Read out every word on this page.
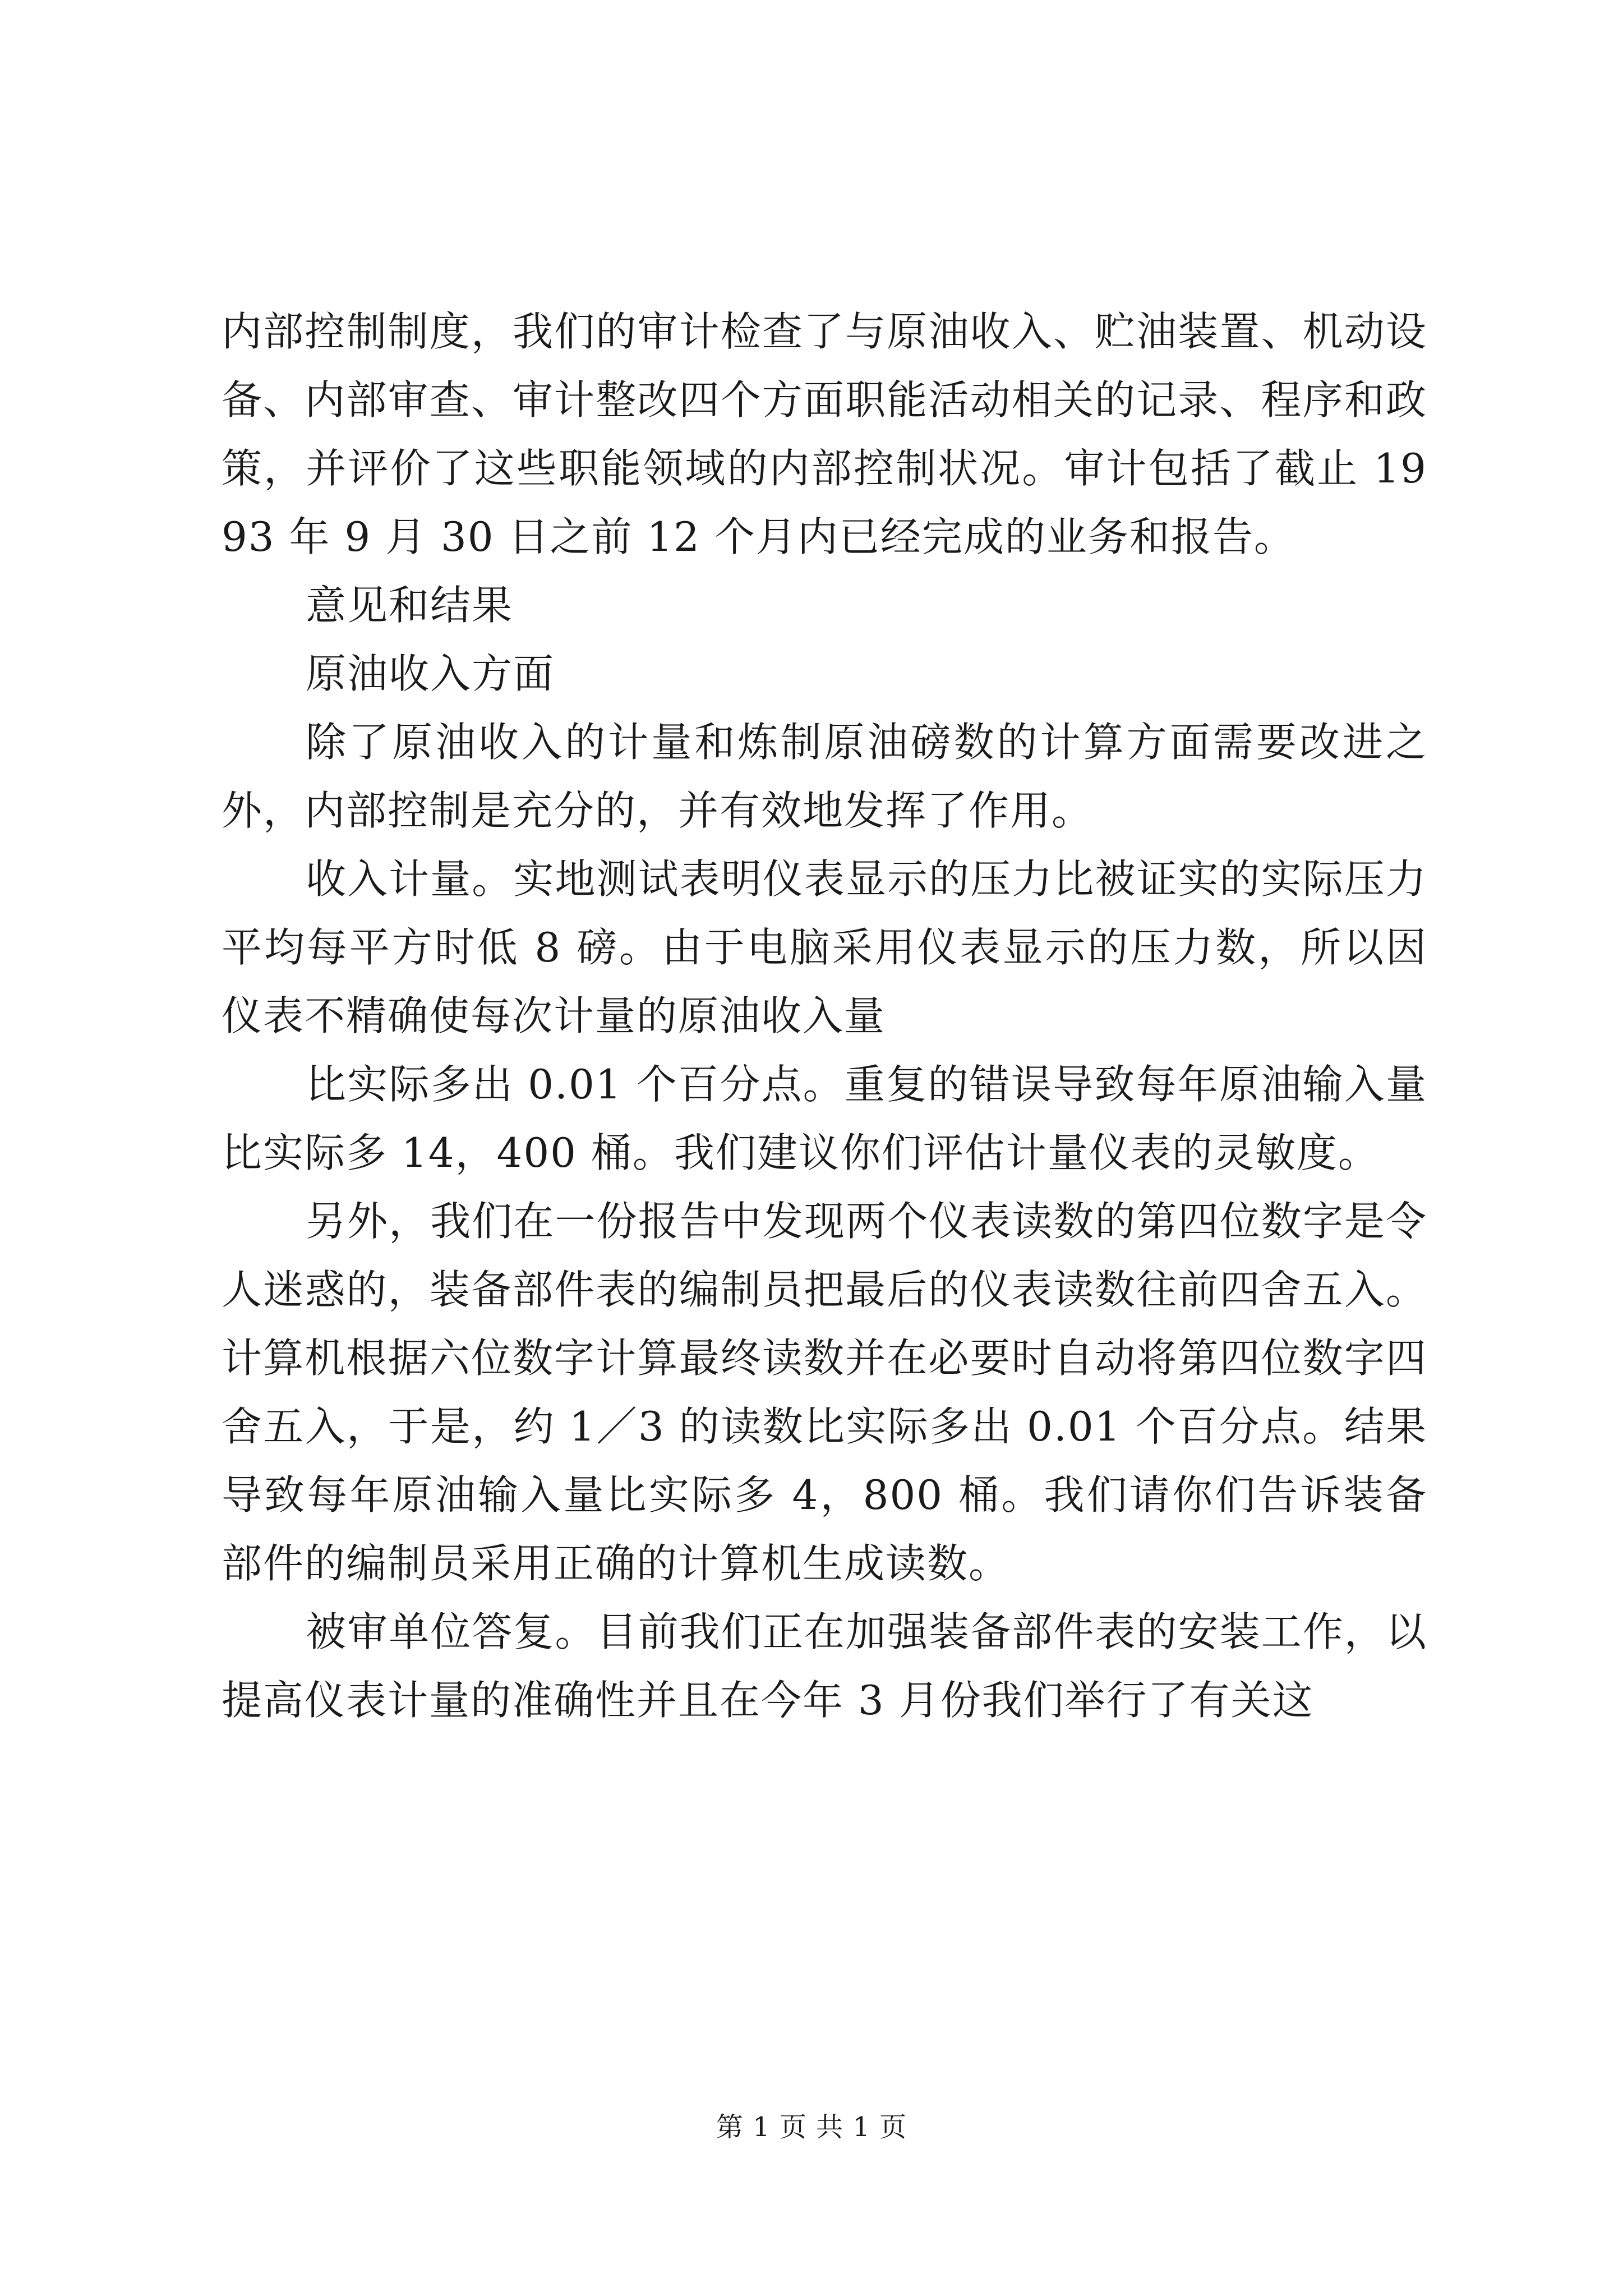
内部控制制度，我们的审计检查了与原油收入、贮油装置、机动设备、内部审查、审计整改四个方面职能活动相关的记录、程序和政策，并评价了这些职能领域的内部控制状况。审计包括了截止 1993 年 9 月 30 日之前 12 个月内已经完成的业务和报告。

意见和结果

原油收入方面

除了原油收入的计量和炼制原油磅数的计算方面需要改进之外，内部控制是充分的，并有效地发挥了作用。

收入计量。实地测试表明仪表显示的压力比被证实的实际压力平均每平方时低 8 磅。由于电脑采用仪表显示的压力数，所以因仪表不精确使每次计量的原油收入量

比实际多出 0.01 个百分点。重复的错误导致每年原油输入量比实际多 14，400 桶。我们建议你们评估计量仪表的灵敏度。

另外，我们在一份报告中发现两个仪表读数的第四位数字是令人迷惑的，装备部件表的编制员把最后的仪表读数往前四舍五入。计算机根据六位数字计算最终读数并在必要时自动将第四位数字四舍五入，于是，约 1／3 的读数比实际多出 0.01 个百分点。结果导致每年原油输入量比实际多 4，800 桶。我们请你们告诉装备部件的编制员采用正确的计算机生成读数。

被审单位答复。目前我们正在加强装备部件表的安装工作，以提高仪表计量的准确性并且在今年 3 月份我们举行了有关这

第 1 页 共 1 页
